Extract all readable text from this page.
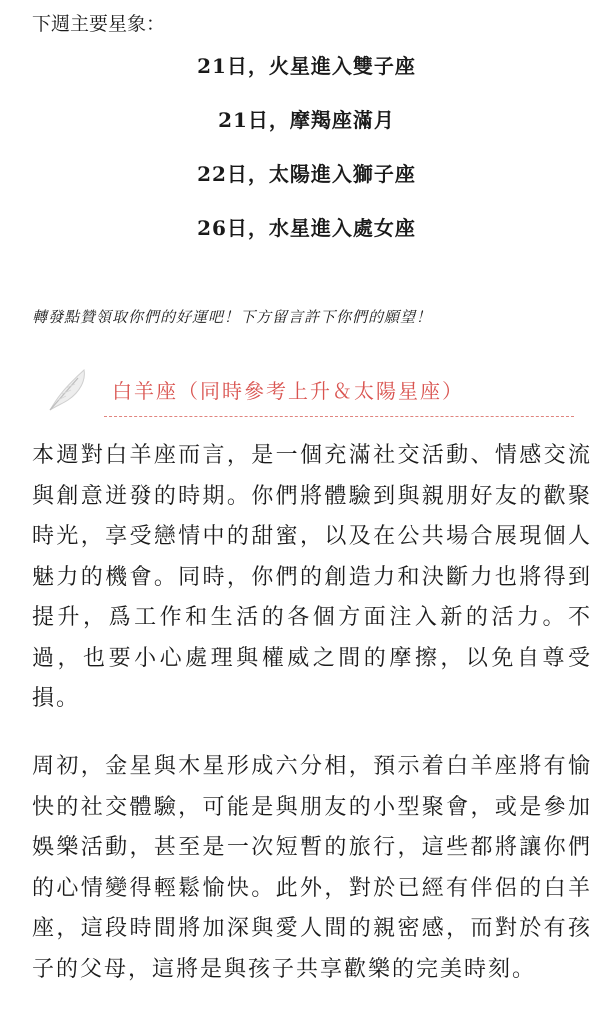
下週主要星象：
21日，火星進入雙子座
21日，摩羯座滿月
22日，太陽進入獅子座
26日，水星進入處女座
轉發點贊領取你們的好運吧！下方留言許下你們的願望！
白羊座（同時參考上升＆太陽星座）
本週對白羊座而言，是一個充滿社交活動、情感交流與創意迸發的時期。你們將體驗到與親朋好友的歡聚時光，享受戀情中的甜蜜，以及在公共場合展現個人魅力的機會。同時，你們的創造力和決斷力也將得到提升，爲工作和生活的各個方面注入新的活力。不過，也要小心處理與權威之間的摩擦，以免自尊受損。
周初，金星與木星形成六分相，預示着白羊座將有愉快的社交體驗，可能是與朋友的小型聚會，或是參加娛樂活動，甚至是一次短暫的旅行，這些都將讓你們的心情變得輕鬆愉快。此外，對於已經有伴侶的白羊座，這段時間將加深與愛人間的親密感，而對於有孩子的父母，這將是與孩子共享歡樂的完美時刻。
